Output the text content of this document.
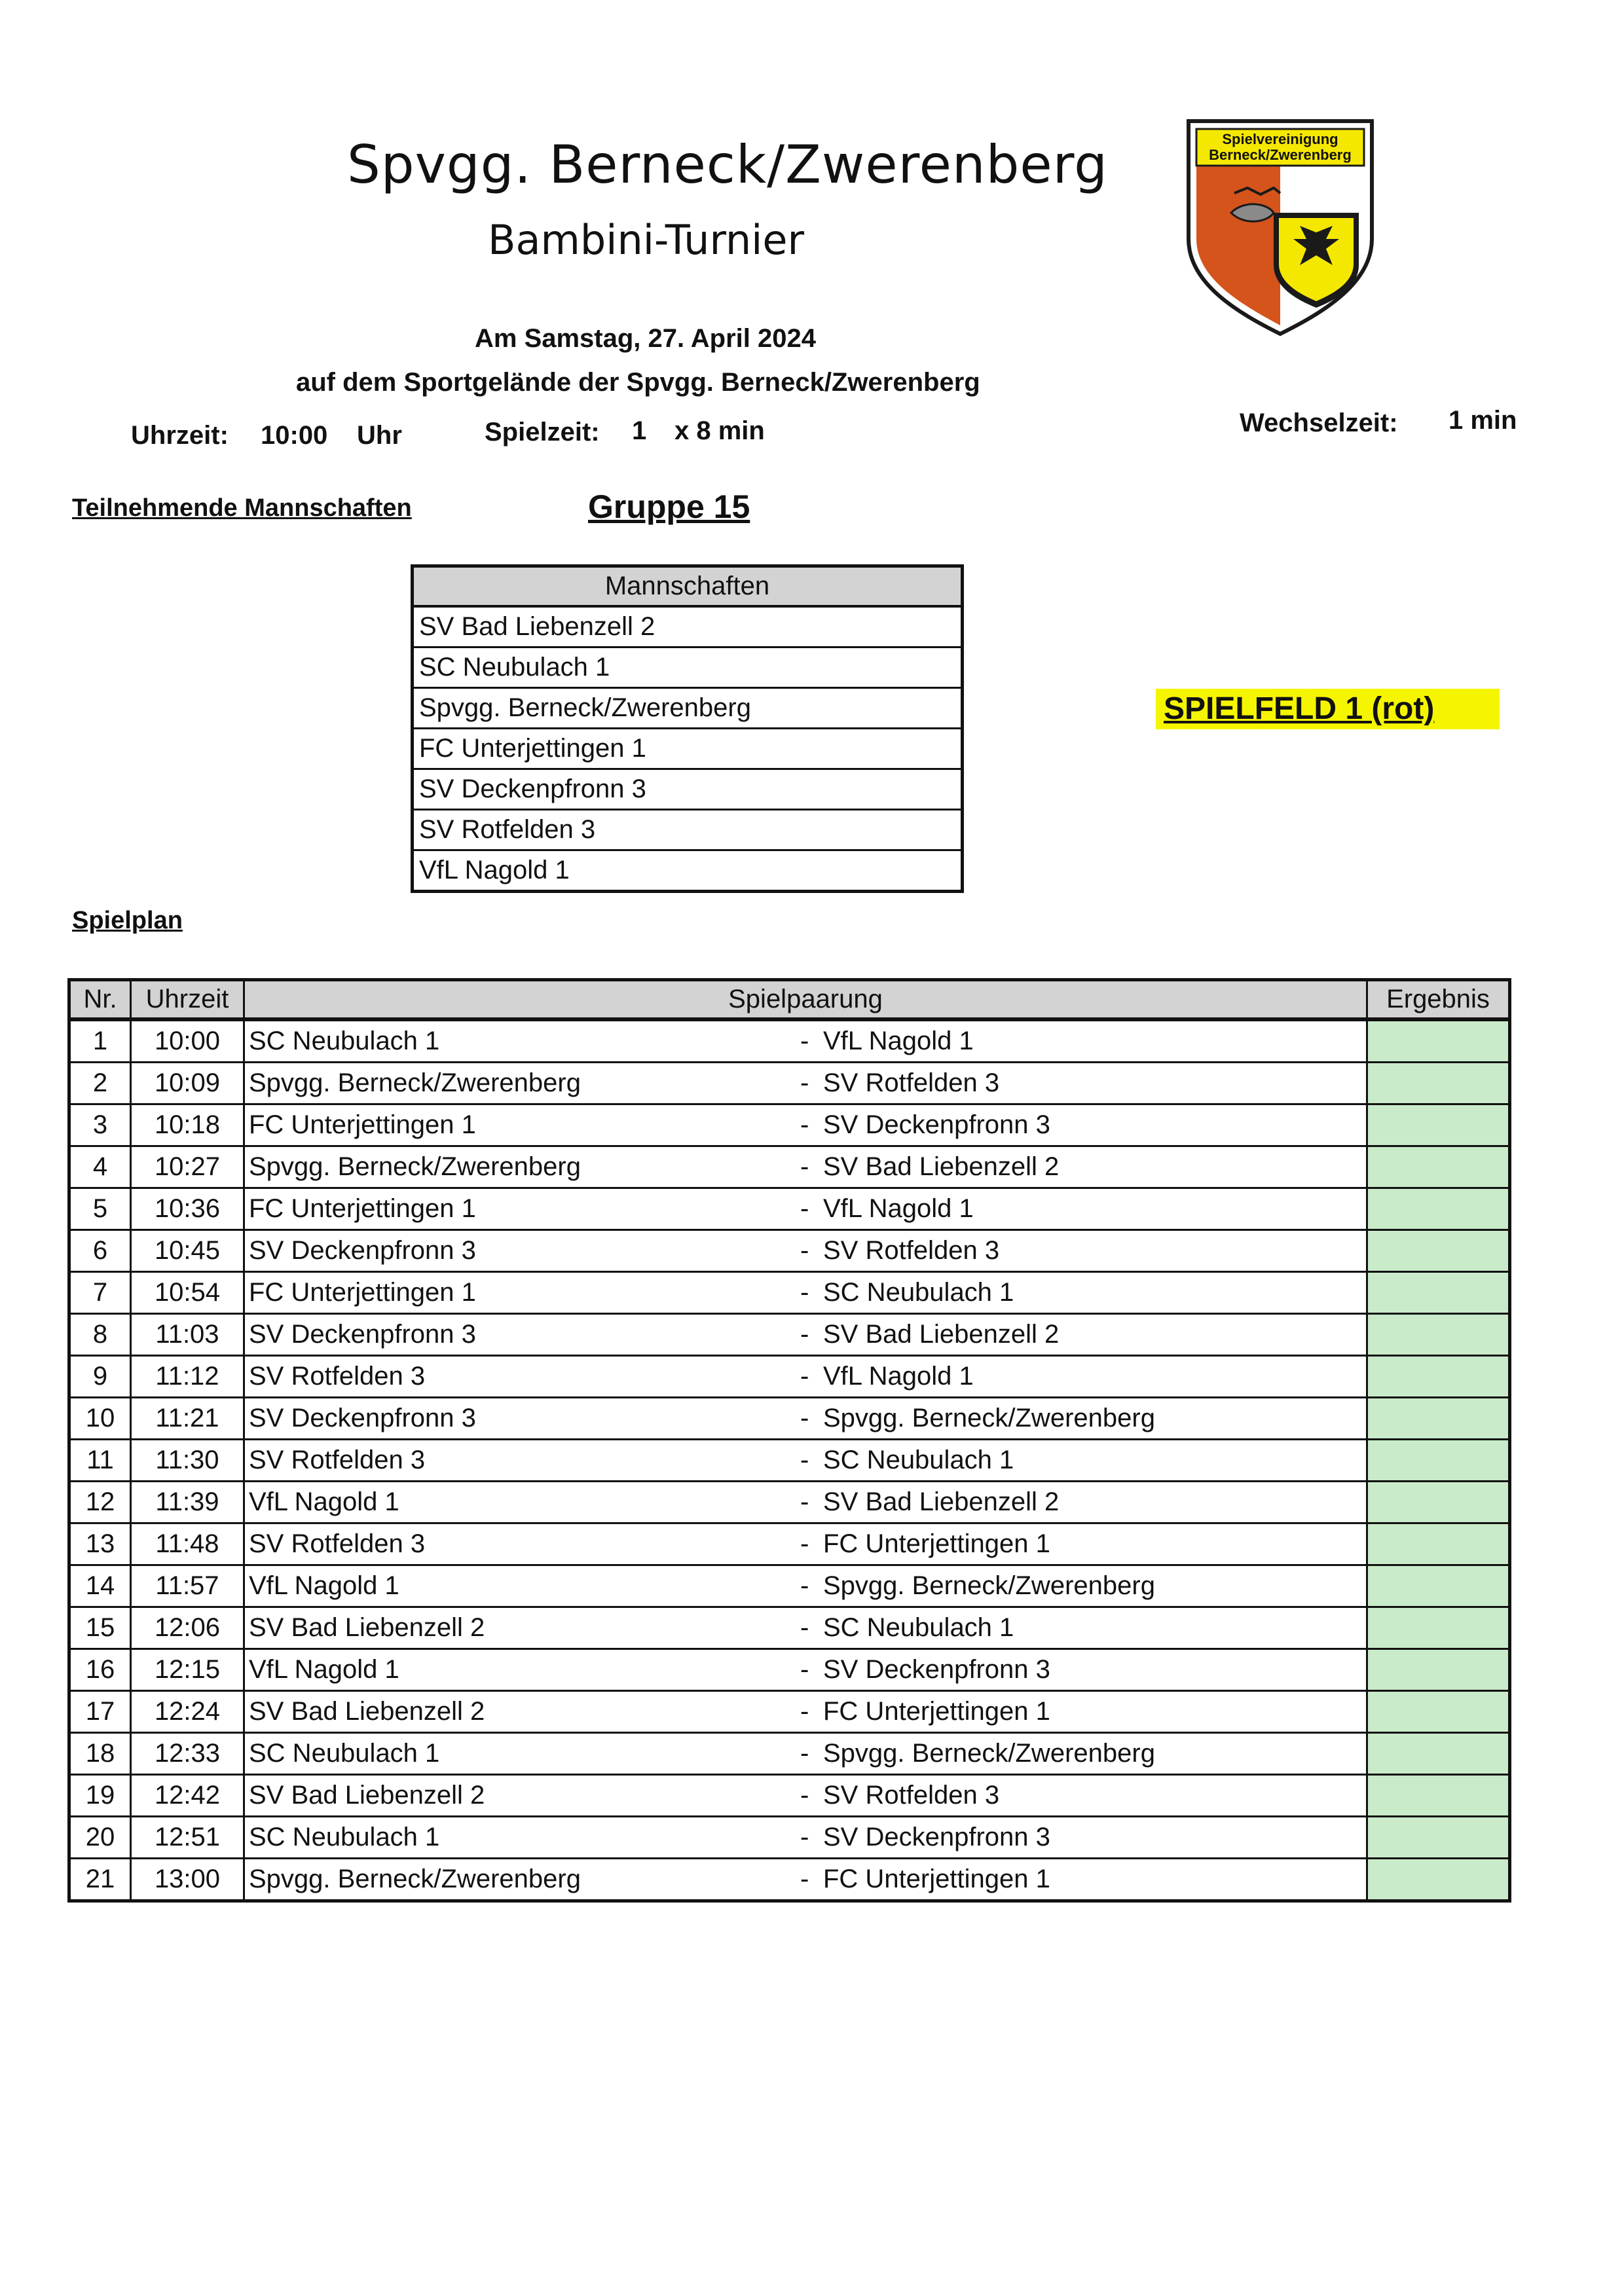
Spvgg. Berneck/Zwerenberg
Bambini-Turnier
Spielvereinigung
Berneck/Zwerenberg
Am Samstag, 27. April 2024
auf dem Sportgelände der Spvgg. Berneck/Zwerenberg
Uhrzeit: 10:00 Uhr	Spielzeit: 1 x 8 min	Wechselzeit: 1 min
Teilnehmende Mannschaften	Gruppe 15
Mannschaften
SV Bad Liebenzell 2
SC Neubulach 1
Spvgg. Berneck/Zwerenberg
FC Unterjettingen 1
SV Deckenpfronn 3
SV Rotfelden 3
VfL Nagold 1
SPIELFELD 1 (rot)
Spielplan
Nr.	Uhrzeit	Spielpaarung	Ergebnis
1	10:00	SC Neubulach 1	- VfL Nagold 1
2	10:09	Spvgg. Berneck/Zwerenberg	- SV Rotfelden 3
3	10:18	FC Unterjettingen 1	- SV Deckenpfronn 3
4	10:27	Spvgg. Berneck/Zwerenberg	- SV Bad Liebenzell 2
5	10:36	FC Unterjettingen 1	- VfL Nagold 1
6	10:45	SV Deckenpfronn 3	- SV Rotfelden 3
7	10:54	FC Unterjettingen 1	- SC Neubulach 1
8	11:03	SV Deckenpfronn 3	- SV Bad Liebenzell 2
9	11:12	SV Rotfelden 3	- VfL Nagold 1
10	11:21	SV Deckenpfronn 3	- Spvgg. Berneck/Zwerenberg
11	11:30	SV Rotfelden 3	- SC Neubulach 1
12	11:39	VfL Nagold 1	- SV Bad Liebenzell 2
13	11:48	SV Rotfelden 3	- FC Unterjettingen 1
14	11:57	VfL Nagold 1	- Spvgg. Berneck/Zwerenberg
15	12:06	SV Bad Liebenzell 2	- SC Neubulach 1
16	12:15	VfL Nagold 1	- SV Deckenpfronn 3
17	12:24	SV Bad Liebenzell 2	- FC Unterjettingen 1
18	12:33	SC Neubulach 1	- Spvgg. Berneck/Zwerenberg
19	12:42	SV Bad Liebenzell 2	- SV Rotfelden 3
20	12:51	SC Neubulach 1	- SV Deckenpfronn 3
21	13:00	Spvgg. Berneck/Zwerenberg	- FC Unterjettingen 1
